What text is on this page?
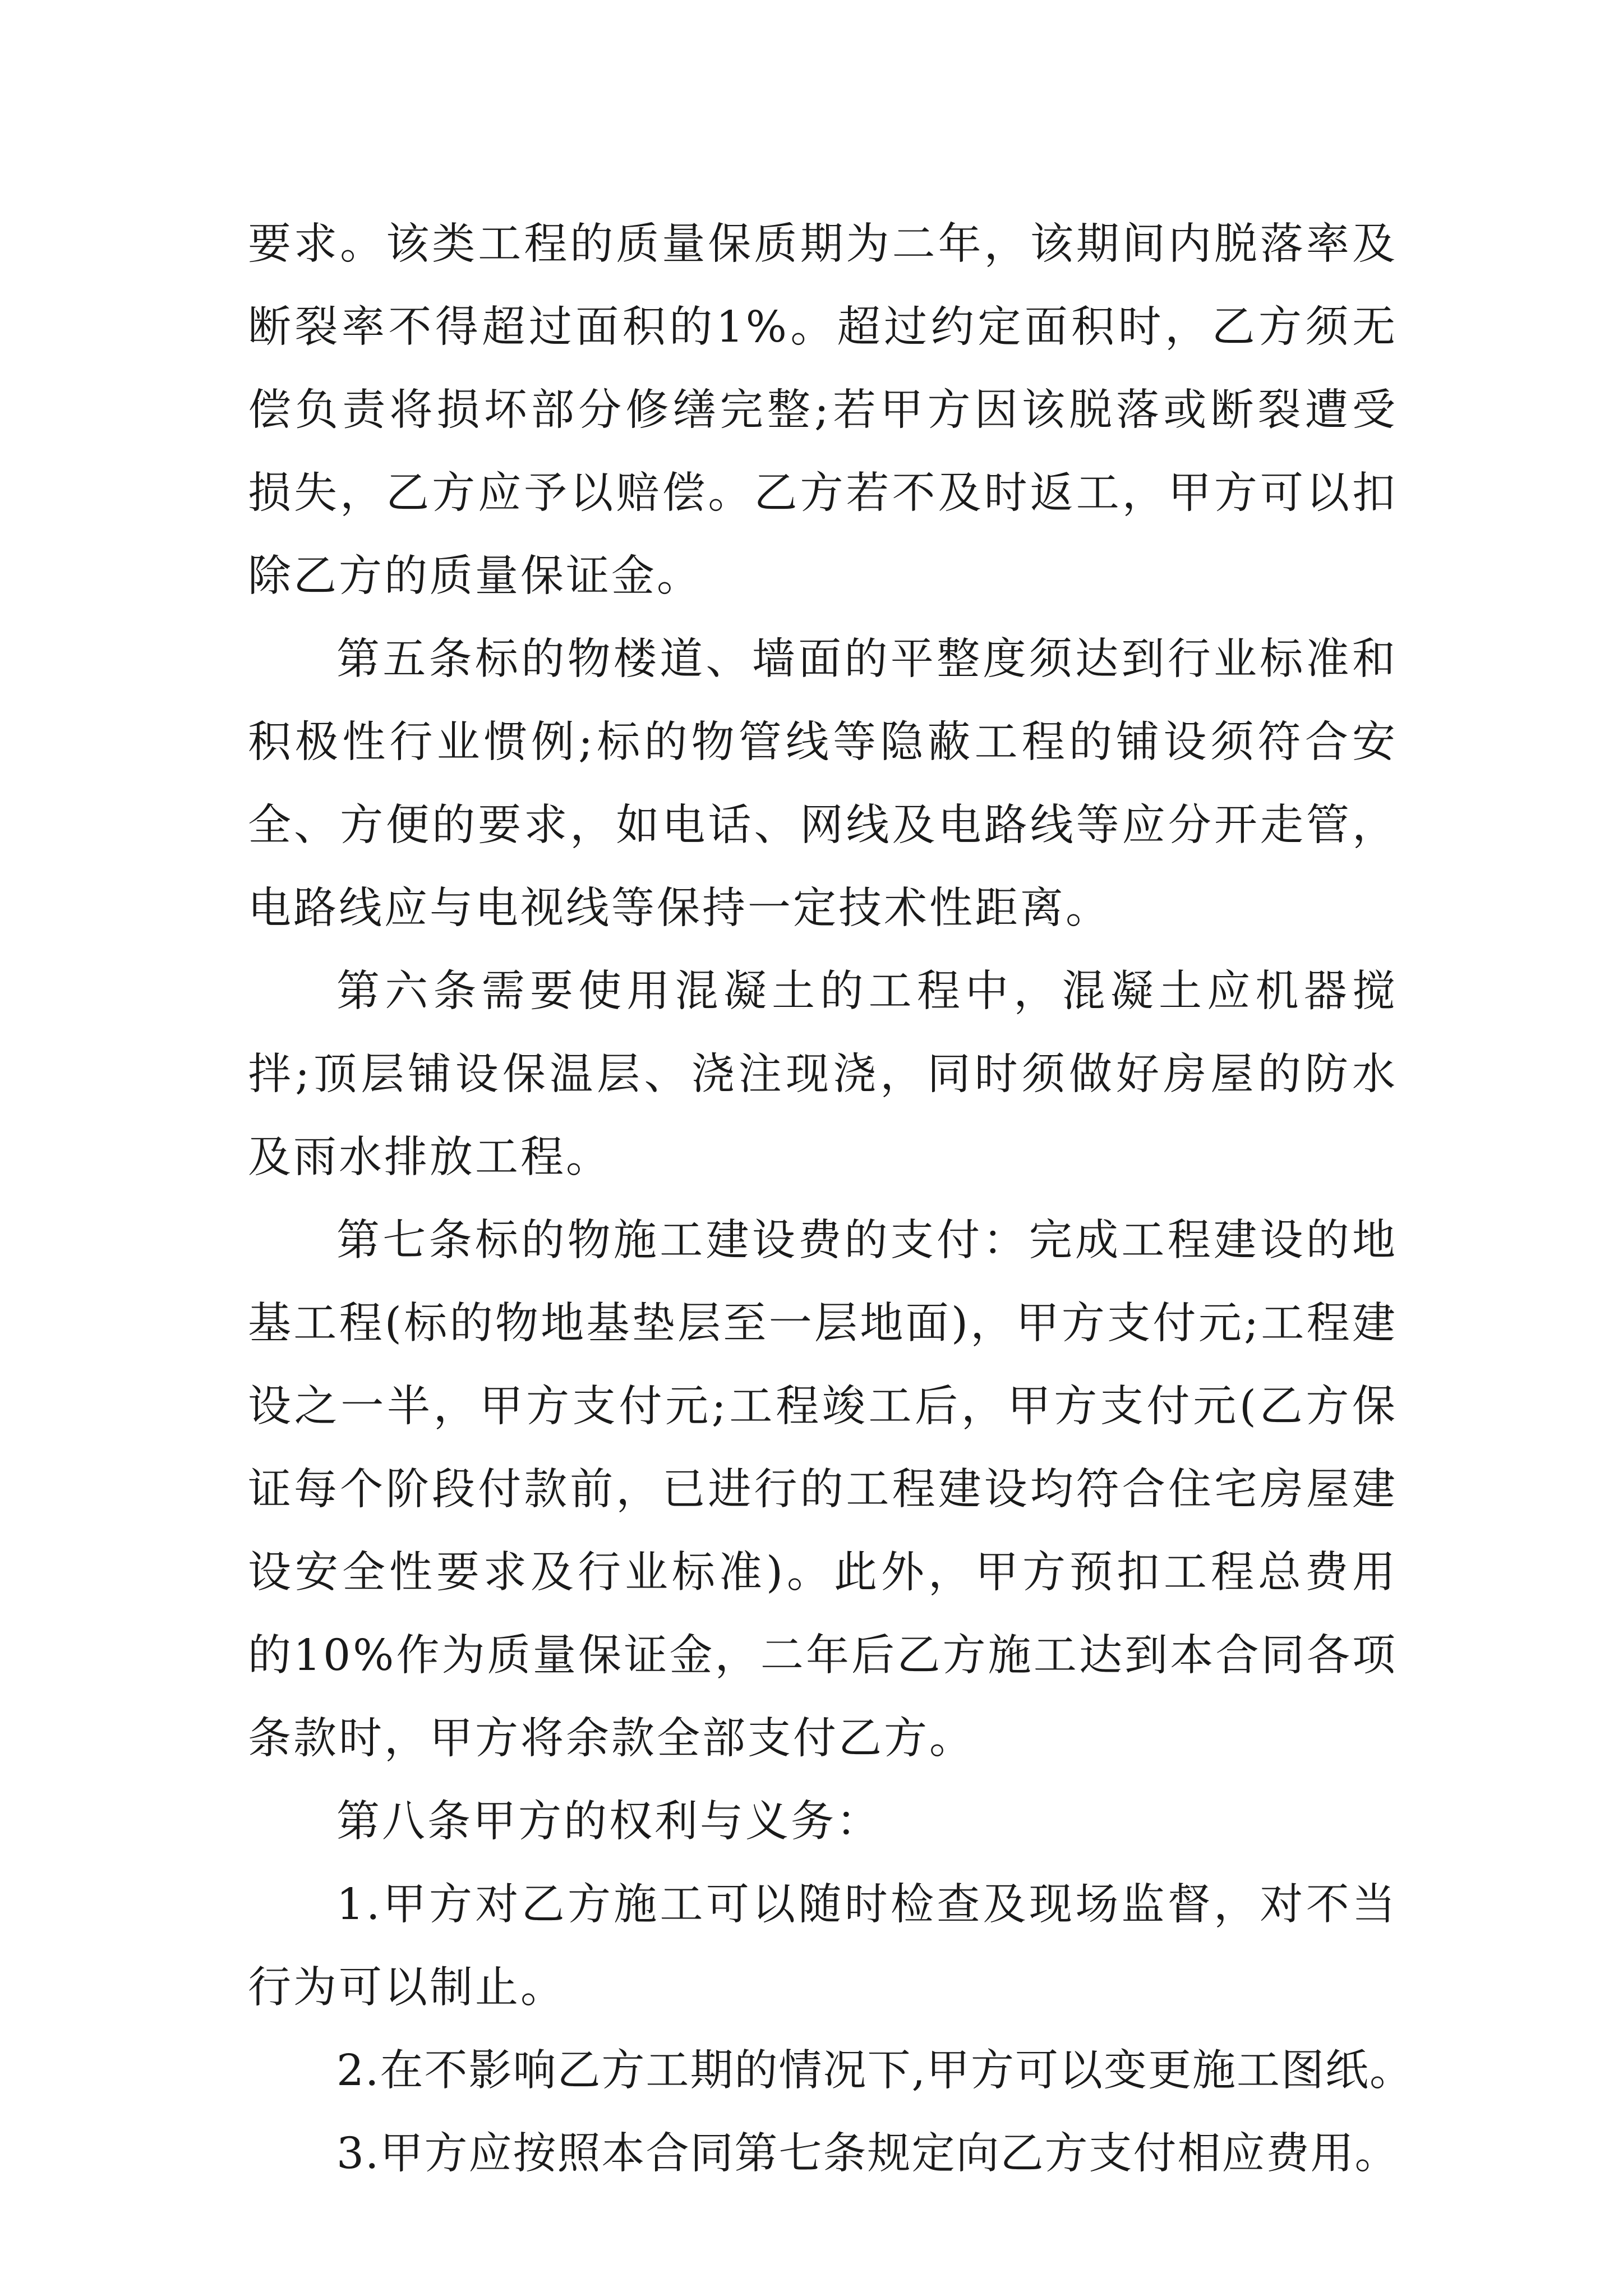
要求。该类工程的质量保质期为二年，该期间内脱落率及断裂率不得超过面积的1%。超过约定面积时，乙方须无偿负责将损坏部分修缮完整;若甲方因该脱落或断裂遭受损失，乙方应予以赔偿。乙方若不及时返工，甲方可以扣除乙方的质量保证金。

第五条标的物楼道、墙面的平整度须达到行业标准和积极性行业惯例;标的物管线等隐蔽工程的铺设须符合安全、方便的要求，如电话、网线及电路线等应分开走管，电路线应与电视线等保持一定技术性距离。

第六条需要使用混凝土的工程中，混凝土应机器搅拌;顶层铺设保温层、浇注现浇，同时须做好房屋的防水及雨水排放工程。

第七条标的物施工建设费的支付：完成工程建设的地基工程(标的物地基垫层至一层地面)，甲方支付元;工程建设之一半，甲方支付元;工程竣工后，甲方支付元(乙方保证每个阶段付款前，已进行的工程建设均符合住宅房屋建设安全性要求及行业标准)。此外，甲方预扣工程总费用的10%作为质量保证金，二年后乙方施工达到本合同各项条款时，甲方将余款全部支付乙方。

第八条甲方的权利与义务：

1.甲方对乙方施工可以随时检查及现场监督，对不当行为可以制止。

2.在不影响乙方工期的情况下,甲方可以变更施工图纸。

3.甲方应按照本合同第七条规定向乙方支付相应费用。
